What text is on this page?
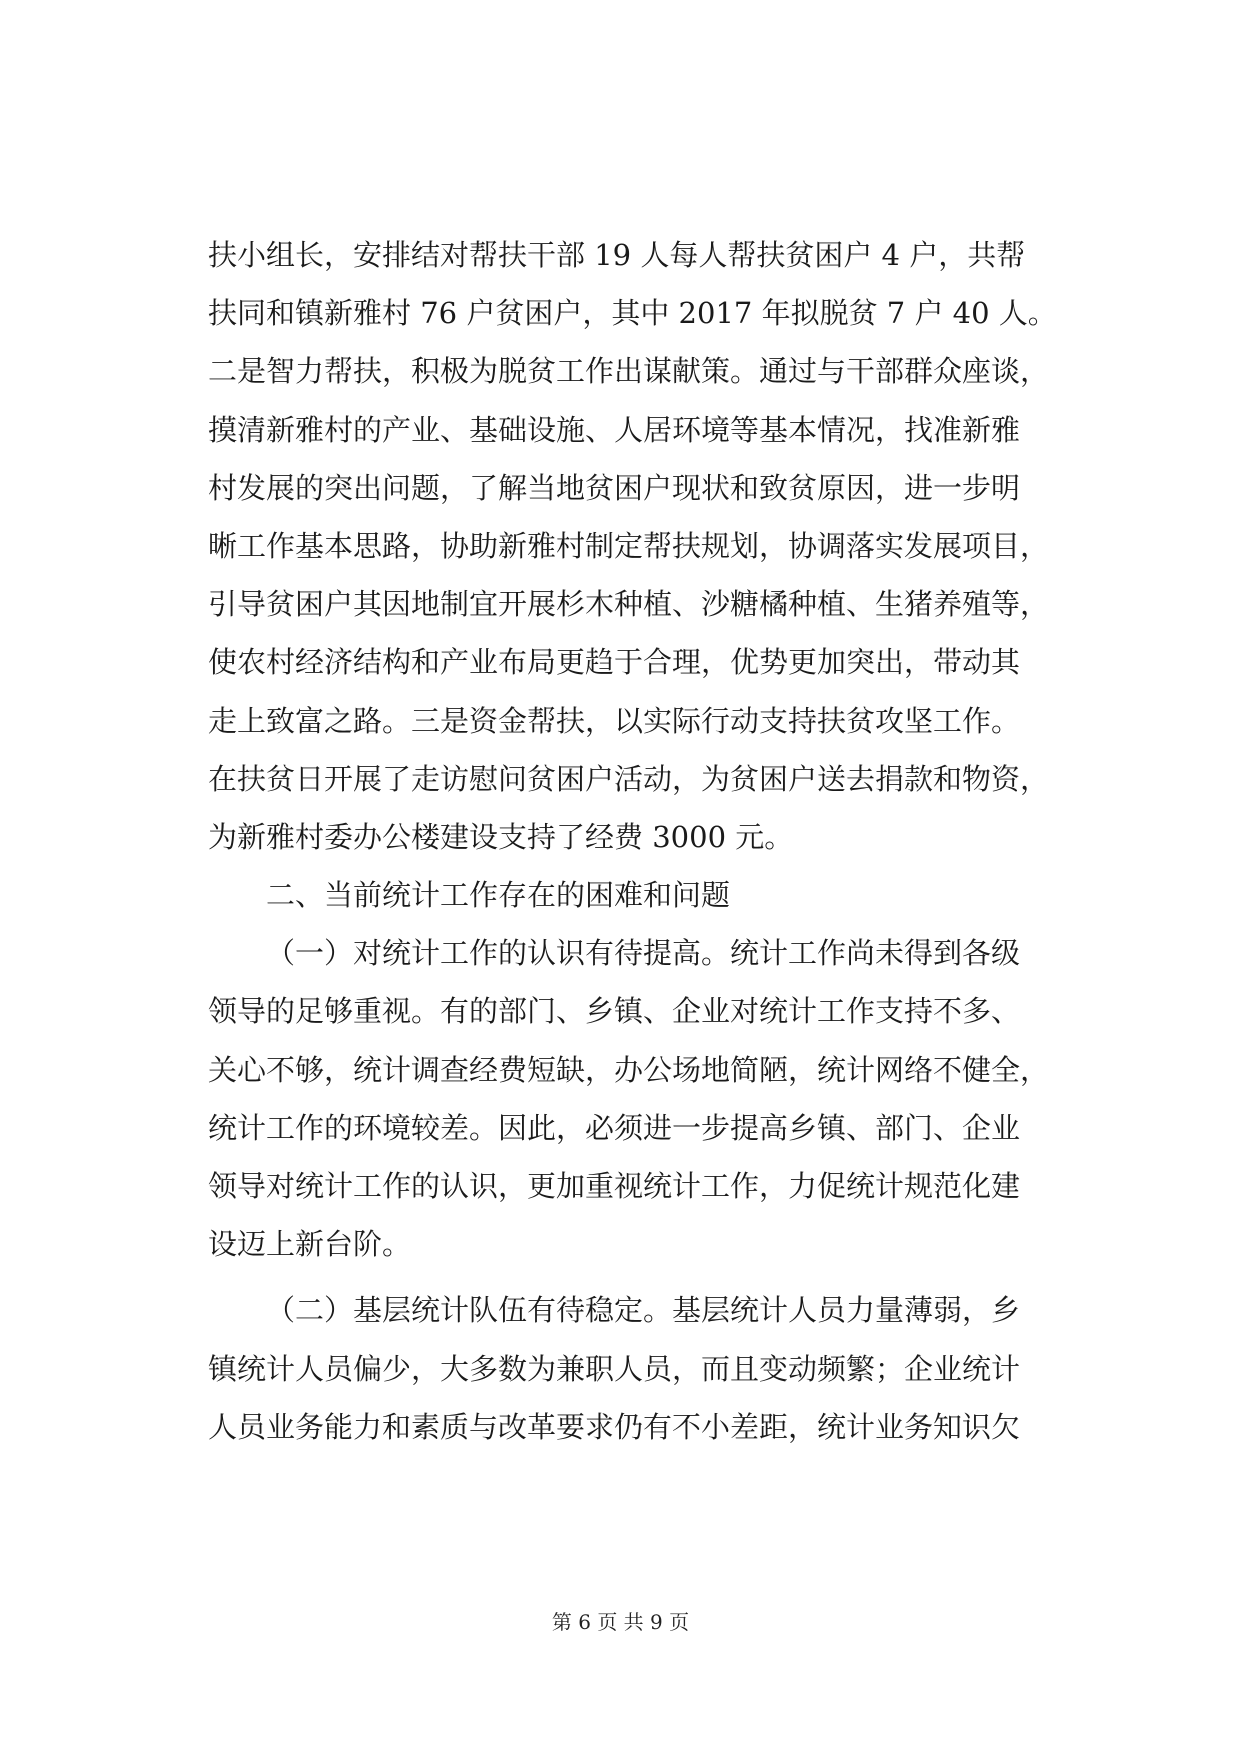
扶小组长，安排结对帮扶干部 19 人每人帮扶贫困户 4 户，共帮
扶同和镇新雅村 76 户贫困户，其中 2017 年拟脱贫 7 户 40 人。
二是智力帮扶，积极为脱贫工作出谋献策。通过与干部群众座谈，
摸清新雅村的产业、基础设施、人居环境等基本情况，找准新雅
村发展的突出问题，了解当地贫困户现状和致贫原因，进一步明
晰工作基本思路，协助新雅村制定帮扶规划，协调落实发展项目，
引导贫困户其因地制宜开展杉木种植、沙糖橘种植、生猪养殖等，
使农村经济结构和产业布局更趋于合理，优势更加突出，带动其
走上致富之路。三是资金帮扶，以实际行动支持扶贫攻坚工作。
在扶贫日开展了走访慰问贫困户活动，为贫困户送去捐款和物资，
为新雅村委办公楼建设支持了经费 3000 元。
二、当前统计工作存在的困难和问题
（一）对统计工作的认识有待提高。统计工作尚未得到各级
领导的足够重视。有的部门、乡镇、企业对统计工作支持不多、
关心不够，统计调查经费短缺，办公场地简陋，统计网络不健全，
统计工作的环境较差。因此，必须进一步提高乡镇、部门、企业
领导对统计工作的认识，更加重视统计工作，力促统计规范化建
设迈上新台阶。
（二）基层统计队伍有待稳定。基层统计人员力量薄弱，乡
镇统计人员偏少，大多数为兼职人员，而且变动频繁；企业统计
人员业务能力和素质与改革要求仍有不小差距，统计业务知识欠
第 6 页 共 9 页
